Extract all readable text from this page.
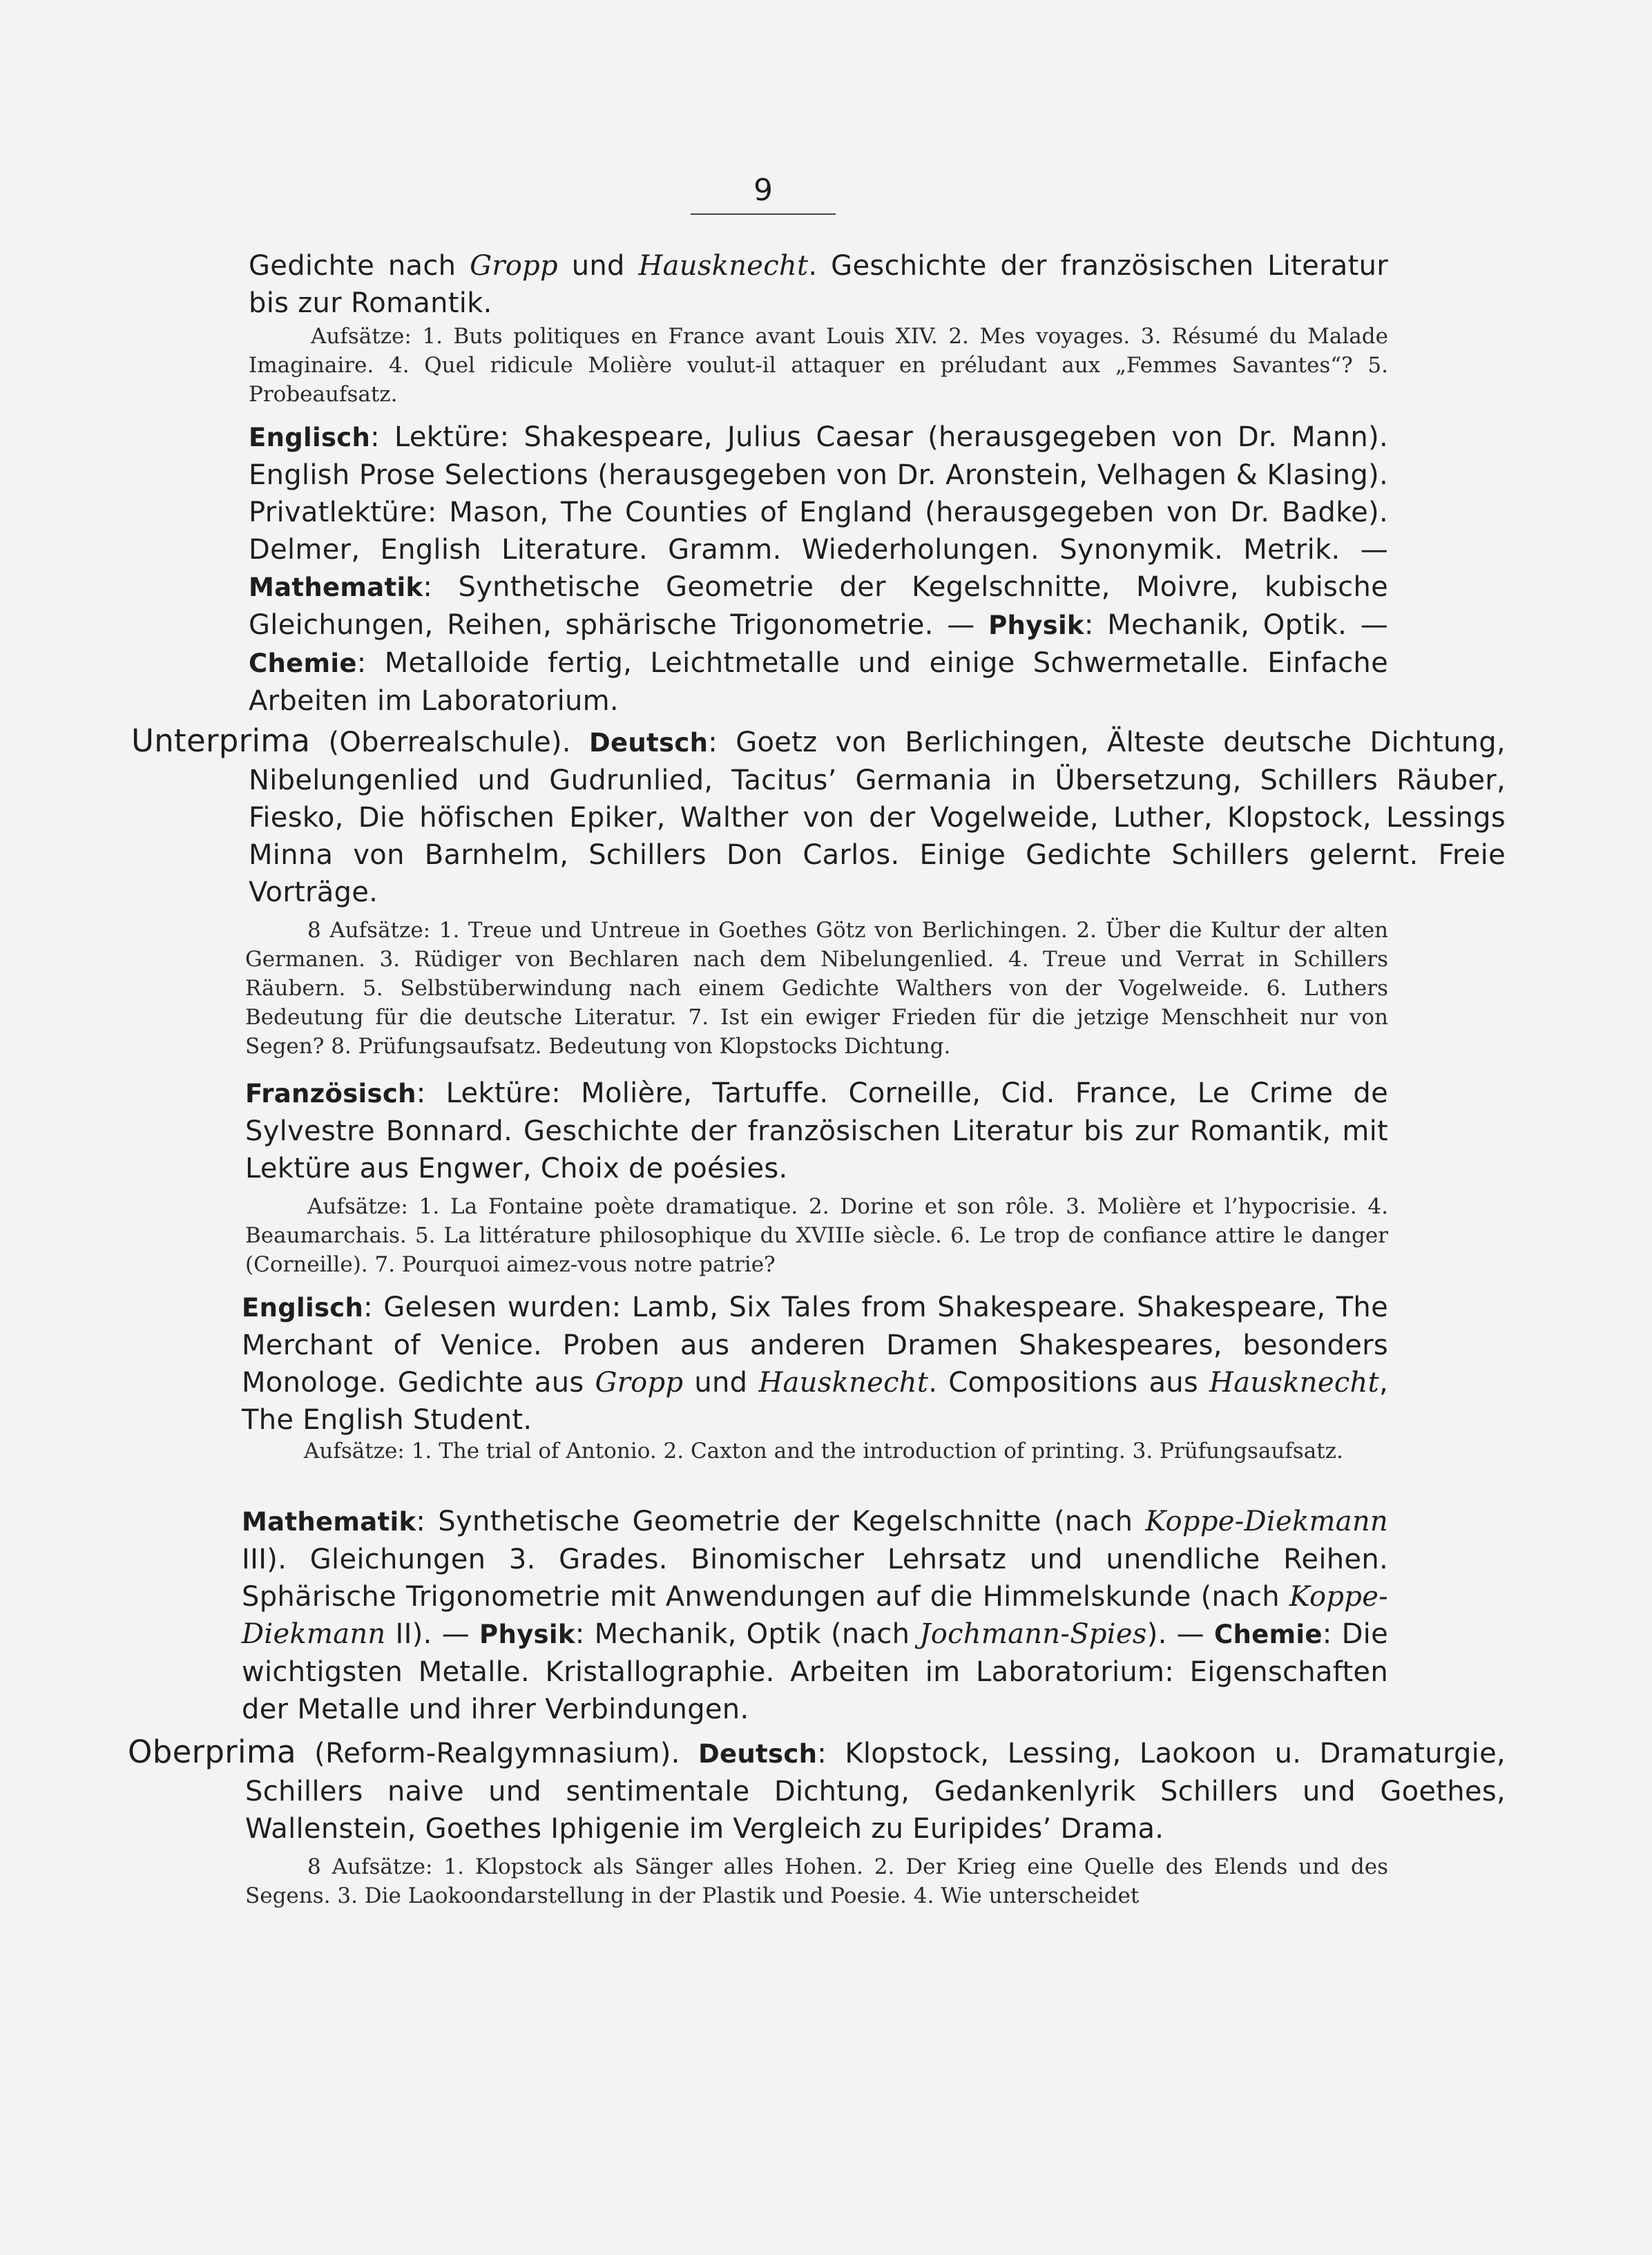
9

Gedichte nach Gropp und Hausknecht. Geschichte der französischen Literatur bis zur Romantik.

Aufsätze: 1. Buts politiques en France avant Louis XIV. 2. Mes voyages. 3. Résumé du Malade Imaginaire. 4. Quel ridicule Molière voulut-il attaquer en préludant aux „Femmes Savantes“? 5. Probeaufsatz.

Englisch: Lektüre: Shakespeare, Julius Caesar (herausgegeben von Dr. Mann). English Prose Selections (herausgegeben von Dr. Aronstein, Velhagen & Klasing). Privatlektüre: Mason, The Counties of England (herausgegeben von Dr. Badke). Delmer, English Literature. Gramm. Wiederholungen. Synonymik. Metrik. — Mathematik: Synthetische Geometrie der Kegelschnitte, Moivre, kubische Gleichungen, Reihen, sphärische Trigonometrie. — Physik: Mechanik, Optik. — Chemie: Metalloide fertig, Leichtmetalle und einige Schwermetalle. Einfache Arbeiten im Laboratorium.

Unterprima (Oberrealschule). Deutsch: Goetz von Berlichingen, Älteste deutsche Dichtung, Nibelungenlied und Gudrunlied, Tacitus’ Germania in Übersetzung, Schillers Räuber, Fiesko, Die höfischen Epiker, Walther von der Vogelweide, Luther, Klopstock, Lessings Minna von Barnhelm, Schillers Don Carlos. Einige Gedichte Schillers gelernt. Freie Vorträge.

8 Aufsätze: 1. Treue und Untreue in Goethes Götz von Berlichingen. 2. Über die Kultur der alten Germanen. 3. Rüdiger von Bechlaren nach dem Nibelungenlied. 4. Treue und Verrat in Schillers Räubern. 5. Selbstüberwindung nach einem Gedichte Walthers von der Vogelweide. 6. Luthers Bedeutung für die deutsche Literatur. 7. Ist ein ewiger Frieden für die jetzige Menschheit nur von Segen? 8. Prüfungsaufsatz. Bedeutung von Klopstocks Dichtung.

Französisch: Lektüre: Molière, Tartuffe. Corneille, Cid. France, Le Crime de Sylvestre Bonnard. Geschichte der französischen Literatur bis zur Romantik, mit Lektüre aus Engwer, Choix de poésies.

Aufsätze: 1. La Fontaine poète dramatique. 2. Dorine et son rôle. 3. Molière et l’hypocrisie. 4. Beaumarchais. 5. La littérature philosophique du XVIIIe siècle. 6. Le trop de confiance attire le danger (Corneille). 7. Pourquoi aimez-vous notre patrie?

Englisch: Gelesen wurden: Lamb, Six Tales from Shakespeare. Shakespeare, The Merchant of Venice. Proben aus anderen Dramen Shakespeares, besonders Monologe. Gedichte aus Gropp und Hausknecht. Compositions aus Hausknecht, The English Student.

Aufsätze: 1. The trial of Antonio. 2. Caxton and the introduction of printing. 3. Prüfungsaufsatz.

Mathematik: Synthetische Geometrie der Kegelschnitte (nach Koppe-Diekmann III). Gleichungen 3. Grades. Binomischer Lehrsatz und unendliche Reihen. Sphärische Trigonometrie mit Anwendungen auf die Himmelskunde (nach Koppe-Diekmann II). — Physik: Mechanik, Optik (nach Jochmann-Spies). — Chemie: Die wichtigsten Metalle. Kristallographie. Arbeiten im Laboratorium: Eigenschaften der Metalle und ihrer Verbindungen.

Oberprima (Reform-Realgymnasium). Deutsch: Klopstock, Lessing, Laokoon u. Dramaturgie, Schillers naive und sentimentale Dichtung, Gedankenlyrik Schillers und Goethes, Wallenstein, Goethes Iphigenie im Vergleich zu Euripides’ Drama.

8 Aufsätze: 1. Klopstock als Sänger alles Hohen. 2. Der Krieg eine Quelle des Elends und des Segens. 3. Die Laokoondarstellung in der Plastik und Poesie. 4. Wie unterscheidet
